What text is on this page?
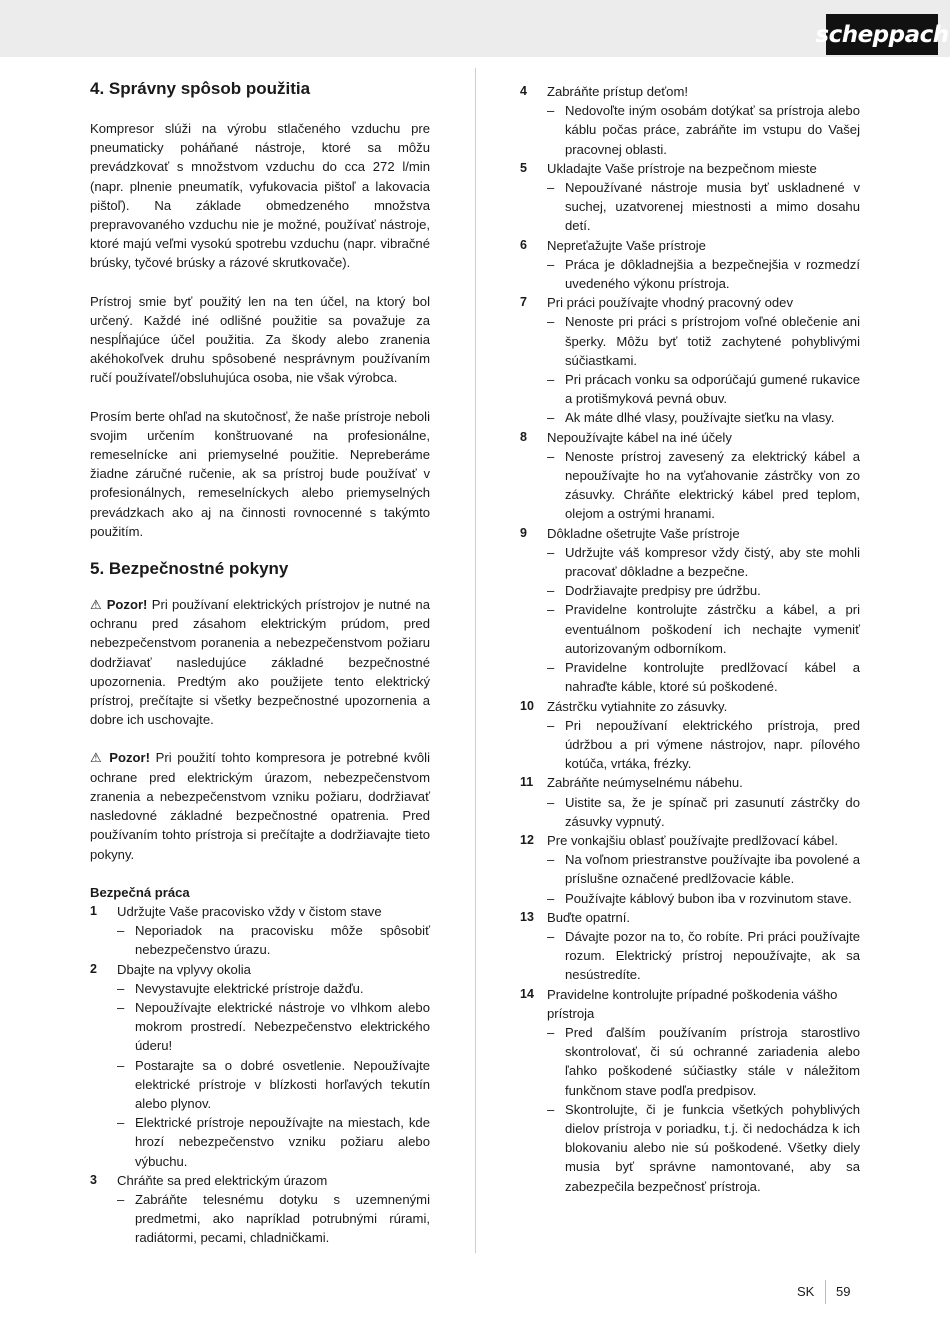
scheppach
4. Správny spôsob použitia

Kompresor slúži na výrobu stlačeného vzduchu pre pneumaticky poháňané nástroje, ktoré sa môžu prevádzkovať s množstvom vzduchu do cca 272 l/min (napr. plnenie pneumatík, vyfukovacia pištoľ a lakovacia pištoľ). Na základe obmedzeného množstva prepravovaného vzduchu nie je možné, používať nástroje, ktoré majú veľmi vysokú spotrebu vzduchu (napr. vibračné brúsky, tyčové brúsky a rázové skrutkovače).

Prístroj smie byť použitý len na ten účel, na ktorý bol určený. Každé iné odlišné použitie sa považuje za nespĺňajúce účel použitia. Za škody alebo zranenia akéhokoľvek druhu spôsobené nesprávnym používaním ručí používateľ/obsluhujúca osoba, nie však výrobca.

Prosím berte ohľad na skutočnosť, že naše prístroje neboli svojim určením konštruované na profesionálne, remeselnícke ani priemyselné použitie. Nepreberáme žiadne záručné ručenie, ak sa prístroj bude používať v profesionálnych, remeselníckych alebo priemyselných prevádzkach ako aj na činnosti rovnocenné s takýmto použitím.

5. Bezpečnostné pokyny

⚠ Pozor! Pri používaní elektrických prístrojov je nutné na ochranu pred zásahom elektrickým prúdom, pred nebezpečenstvom poranenia a nebezpečenstvom požiaru dodržiavať nasledujúce základné bezpečnostné upozornenia. Predtým ako použijete tento elektrický prístroj, prečítajte si všetky bezpečnostné upozornenia a dobre ich uschovajte.

⚠ Pozor! Pri použití tohto kompresora je potrebné kvôli ochrane pred elektrickým úrazom, nebezpečenstvom zranenia a nebezpečenstvom vzniku požiaru, dodržiavať nasledovné základné bezpečnostné opatrenia. Pred používaním tohto prístroja si prečítajte a dodržiavajte tieto pokyny.

Bezpečná práca

1	Udržujte Vaše pracovisko vždy v čistom stave
– Neporiadok na pracovisku môže spôsobiť nebezpečenstvo úrazu.
2	Dbajte na vplyvy okolia
– Nevystavujte elektrické prístroje dažďu.
– Nepoužívajte elektrické nástroje vo vlhkom alebo mokrom prostredí. Nebezpečenstvo elektrického úderu!
– Postarajte sa o dobré osvetlenie. Nepoužívajte elektrické prístroje v blízkosti horľavých tekutín alebo plynov.
– Elektrické prístroje nepoužívajte na miestach, kde hrozí nebezpečenstvo vzniku požiaru alebo výbuchu.
3	Chráňte sa pred elektrickým úrazom
– Zabráňte telesnému dotyku s uzemnenými predmetmi, ako napríklad potrubnými rúrami, radiátormi, pecami, chladničkami.
4	Zabráňte prístup deťom!
– Nedovoľte iným osobám dotýkať sa prístroja alebo káblu počas práce, zabráňte im vstupu do Vašej pracovnej oblasti.
5	Ukladajte Vaše prístroje na bezpečnom mieste
– Nepoužívané nástroje musia byť uskladnené v suchej, uzatvorenej miestnosti a mimo dosahu detí.
6	Nepreťažujte Vaše prístroje
– Práca je dôkladnejšia a bezpečnejšia v rozmedzí uvedeného výkonu prístroja.
7	Pri práci používajte vhodný pracovný odev
– Nenoste pri práci s prístrojom voľné oblečenie ani šperky. Môžu byť totiž zachytené pohyblivými súčiastkami.
– Pri prácach vonku sa odporúčajú gumené rukavice a protišmyková pevná obuv.
– Ak máte dlhé vlasy, používajte sieťku na vlasy.
8	Nepoužívajte kábel na iné účely
– Nenoste prístroj zavesený za elektrický kábel a nepoužívajte ho na vyťahovanie zástrčky von zo zásuvky. Chráňte elektrický kábel pred teplom, olejom a ostrými hranami.
9	Dôkladne ošetrujte Vaše prístroje
– Udržujte váš kompresor vždy čistý, aby ste mohli pracovať dôkladne a bezpečne.
– Dodržiavajte predpisy pre údržbu.
– Pravidelne kontrolujte zástrčku a kábel, a pri eventuálnom poškodení ich nechajte vymeniť autorizovaným odborníkom.
– Pravidelne kontrolujte predlžovací kábel a nahraďte káble, ktoré sú poškodené.
10 Zástrčku vytiahnite zo zásuvky.
– Pri nepoužívaní elektrického prístroja, pred údržbou a pri výmene nástrojov, napr. pílového kotúča, vrtáka, frézky.
11	Zabráňte neúmyselnému nábehu.
– Uistite sa, že je spínač pri zasunutí zástrčky do zásuvky vypnutý.
12 Pre vonkajšiu oblasť používajte predlžovací kábel.
– Na voľnom priestranstve používajte iba povolené a príslušne označené predlžovacie káble.
– Používajte káblový bubon iba v rozvinutom stave.
13 Buďte opatrní.
– Dávajte pozor na to, čo robíte. Pri práci používajte rozum. Elektrický prístroj nepoužívajte, ak sa nesústredíte.
14 Pravidelne kontrolujte prípadné poškodenia vášho prístroja
– Pred ďalším používaním prístroja starostlivo skontrolovať, či sú ochranné zariadenia alebo ľahko poškodené súčiastky stále v náležitom funkčnom stave podľa predpisov.
– Skontrolujte, či je funkcia všetkých pohyblivých dielov prístroja v poriadku, t.j. či nedochádza k ich blokovaniu alebo nie sú poškodené. Všetky diely musia byť správne namontované, aby sa zabezpečila bezpečnosť prístroja.
SK 59
